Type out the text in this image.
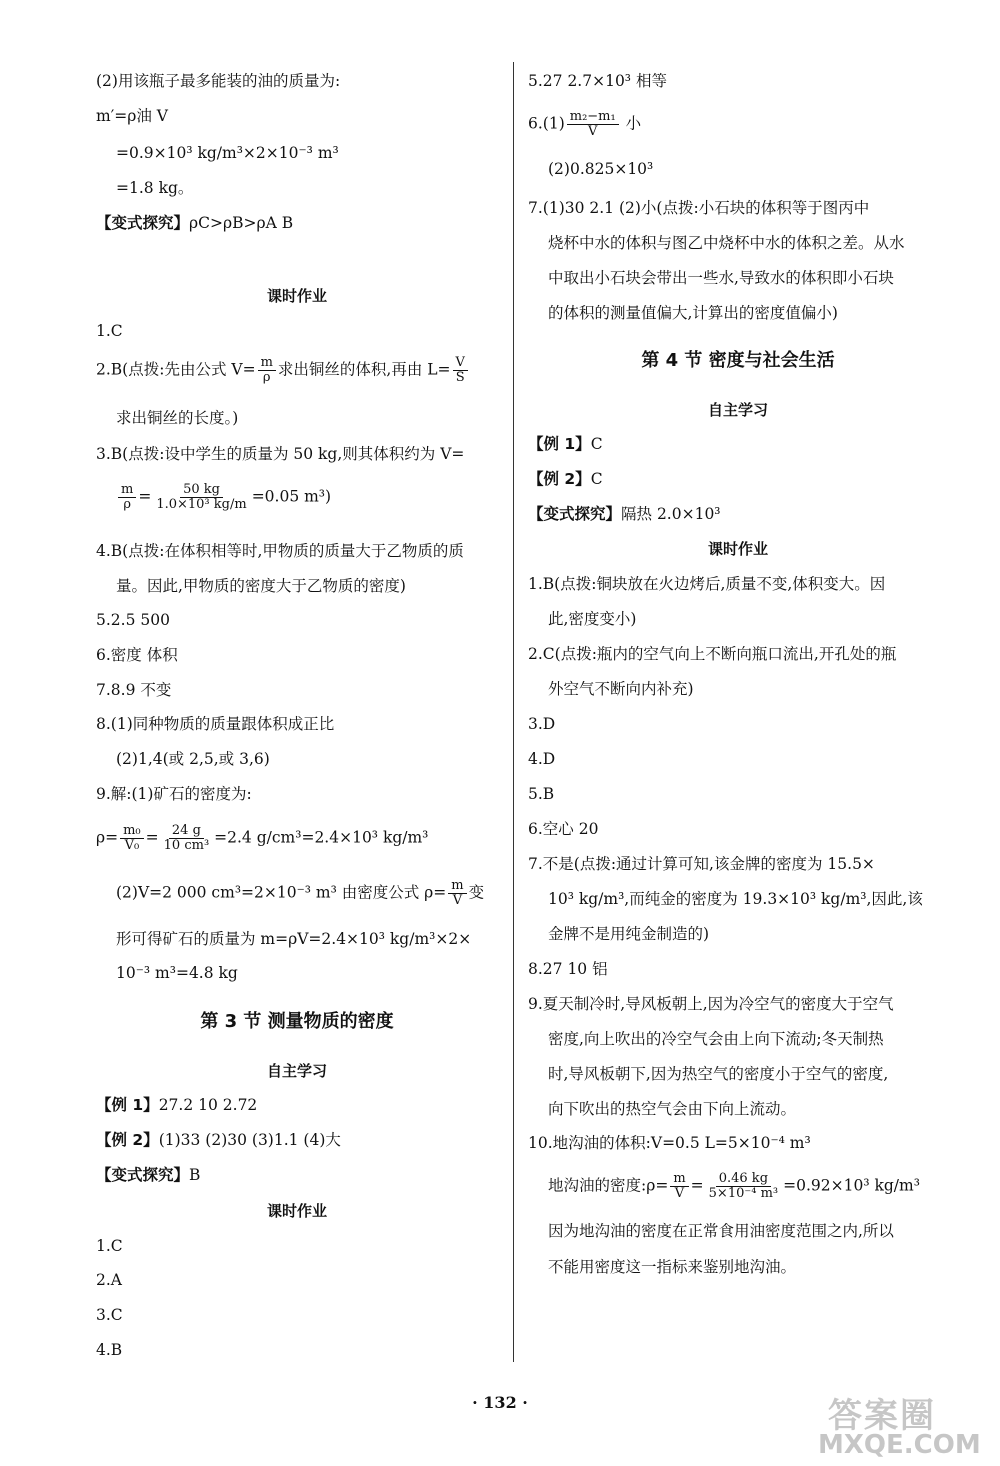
(2)用该瓶子最多能装的油的质量为:
m′=ρ油 V
=0.9×10³ kg/m³×2×10⁻³ m³
=1.8 kg。
【变式探究】ρC>ρB>ρA B
课时作业
1.C
2.B(点拨:先由公式 $V= \frac{m}{\rho}$ 求出铜丝的体积,再由 $L= \frac{V}{S}$
求出铜丝的长度。)
3.B(点拨:设中学生的质量为 50 kg,则其体积约为 V=
$\frac{m}{\rho} = \frac{50 kg}{\text{1.0×10³ kg/m}} =0.05$ m³)
4.B(点拨:在体积相等时,甲物质的质量大于乙物质的质
量。因此,甲物质的密度大于乙物质的密度)
5.2.5 500
6.密度 体积
7.8.9 不变
8.(1)同种物质的质量跟体积成正比
(2)1,4(或 2,5,或 3,6)
9.解:(1)矿石的密度为:
$\rho= \frac{\text{m₀}}{\text{V₀}} = \frac{24 g}{\text{10 cm³}} =2.4$ g/cm³=2.4×10³ kg/m³
(2)V=2 000 cm³=2×10⁻³ m³ 由密度公式 $\rho= \frac{m}{V}$ 变
形可得矿石的质量为 m=ρV=2.4×10³ kg/m³×2×
10⁻³ m³=4.8 kg
第 3 节 测量物质的密度
自主学习
【例 1】27.2 10 2.72
【例 2】(1)33 (2)30 (3)1.1 (4)大
【变式探究】B
课时作业
1.C
2.A
3.C
4.B
5.27 2.7×10³ 相等
$6.(1) \frac{\text{m₂−m₁}}{V}$ 小
(2)0.825×10³
7.(1)30 2.1 (2)小(点拨:小石块的体积等于图丙中
烧杯中水的体积与图乙中烧杯中水的体积之差。从水
中取出小石块会带出一些水,导致水的体积即小石块
的体积的测量值偏大,计算出的密度值偏小)
第 4 节 密度与社会生活
自主学习
【例 1】C
【例 2】C
【变式探究】隔热 2.0×10³
课时作业
1.B(点拨:铜块放在火边烤后,质量不变,体积变大。因
此,密度变小)
2.C(点拨:瓶内的空气向上不断向瓶口流出,开孔处的瓶
外空气不断向内补充)
3.D
4.D
5.B
6.空心 20
7.不是(点拨:通过计算可知,该金牌的密度为 15.5×
10³ kg/m³,而纯金的密度为 19.3×10³ kg/m³,因此,该
金牌不是用纯金制造的)
8.27 10 铝
9.夏天制冷时,导风板朝上,因为冷空气的密度大于空气
密度,向上吹出的冷空气会由上向下流动;冬天制热
时,导风板朝下,因为热空气的密度小于空气的密度,
向下吹出的热空气会由下向上流动。
10.地沟油的体积:V=0.5 L=5×10⁻⁴ m³
地沟油的密度:ρ= $\frac{m}{V} = \frac{0.46 kg}{\text{5×10⁻⁴ m³}} =0.92\times 10^3$ kg/m³
因为地沟油的密度在正常食用油密度范围之内,所以
不能用密度这一指标来鉴别地沟油。
· 132 ·	答案圈
MXQE.COM
